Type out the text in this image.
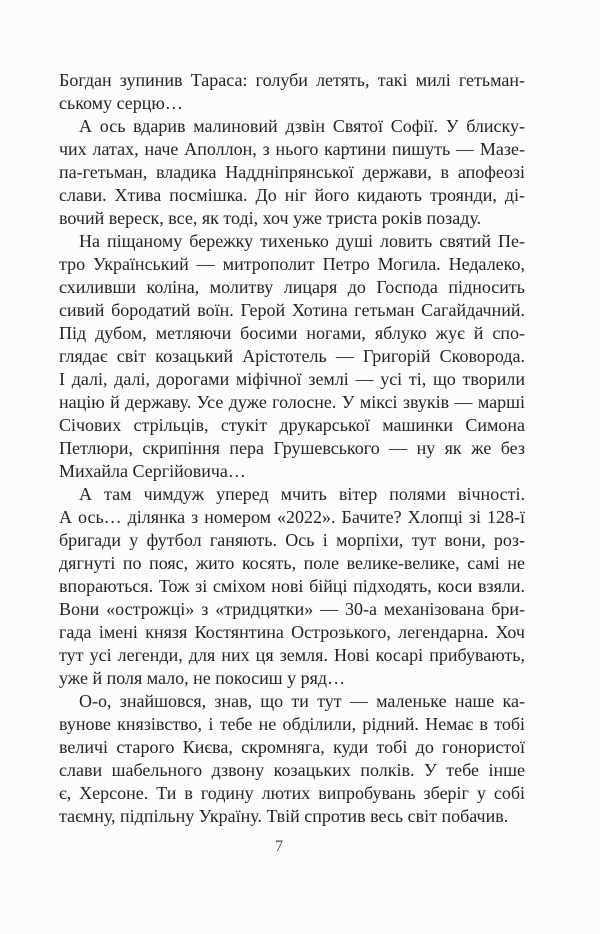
Богдан зупинив Тараса: голуби летять, такі милі гетьман-
ському серцю…
А ось вдарив малиновий дзвін Святої Софії. У блиску-
чих латах, наче Аполлон, з нього картини пишуть — Мазе-
па-гетьман, владика Наддніпрянської держави, в апофеозі
слави. Хтива посмішка. До ніг його кидають троянди, ді-
вочий вереск, все, як тоді, хоч уже триста років позаду.
На піщаному бережку тихенько душі ловить святий Пе-
тро Український — митрополит Петро Могила. Недалеко,
схиливши коліна, молитву лицаря до Господа підносить
сивий бородатий воїн. Герой Хотина гетьман Сагайдачний.
Під дубом, метляючи босими ногами, яблуко жує й спо-
глядає світ козацький Арістотель — Григорій Сковорода.
І далі, далі, дорогами міфічної землі — усі ті, що творили
націю й державу. Усе дуже голосне. У міксі звуків — марші
Січових стрільців, стукіт друкарської машинки Симона
Петлюри, скрипіння пера Грушевського — ну як же без
Михайла Сергійовича…
А там чимдуж уперед мчить вітер полями вічності.
А ось… ділянка з номером «2022». Бачите? Хлопці зі 128-ї
бригади у футбол ганяють. Ось і морпіхи, тут вони, роз-
дягнуті по пояс, жито косять, поле велике-велике, самі не
впораються. Тож зі сміхом нові бійці підходять, коси взяли.
Вони «острожці» з «тридцятки» — 30-а механізована бри-
гада імені князя Костянтина Острозького, легендарна. Хоч
тут усі легенди, для них ця земля. Нові косарі прибувають,
уже й поля мало, не покосиш у ряд…
О-о, знайшовся, знав, що ти тут — маленьке наше ка-
вунове князівство, і тебе не обділили, рідний. Немає в тобі
величі старого Києва, скромняга, куди тобі до гонористої
слави шабельного дзвону козацьких полків. У тебе інше
є, Херсоне. Ти в годину лютих випробувань зберіг у собі
таємну, підпільну Україну. Твій спротив весь світ побачив.
7
